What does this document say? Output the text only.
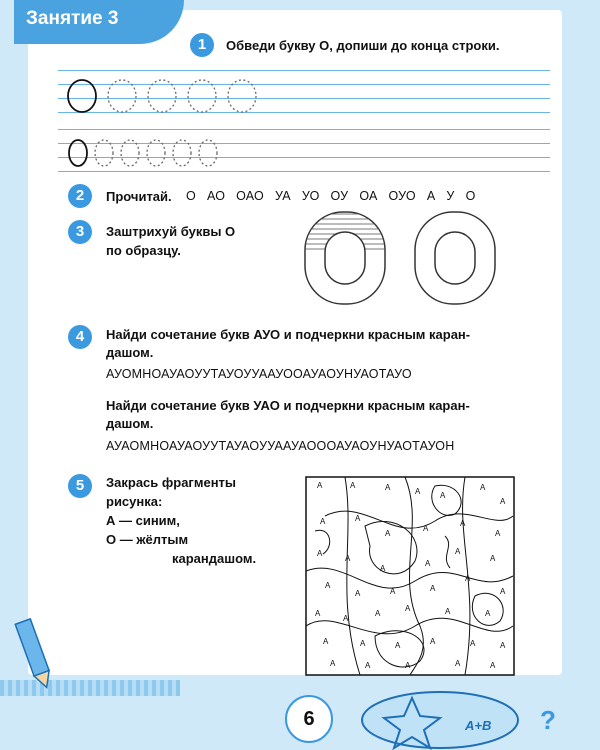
Занятие 3
1	Обведи букву О, допиши до конца строки.
2	Прочитай. О   АО   ОАО   УА   УО   ОУ   ОА   ОУО   А   У   О
3	Заштрихуй буквы О
по образцу.
4	Найди сочетание букв АУО и подчеркни красным каран-
дашом.
АУОМНОАУАОУУТАУОУУААУООАУАОУНУАОТАУО
Найди сочетание букв УАО и подчеркни красным каран-
дашом.
АУАОМНОАУАОУУТАУАОУУААУАОООАУАОУНУАОТАУОН
5	Закрась фрагменты
рисунка:
А — синим,
О — жёлтым
карандашом.
А	А	А	А А
А
А
А	А
А
А
А
А
А
А
А
А
А
А
А
А	А	А
А
А
А
А
А
А	А	А
А	А	А	А	А	А
А	А	А	А	А
6	А+В ?
